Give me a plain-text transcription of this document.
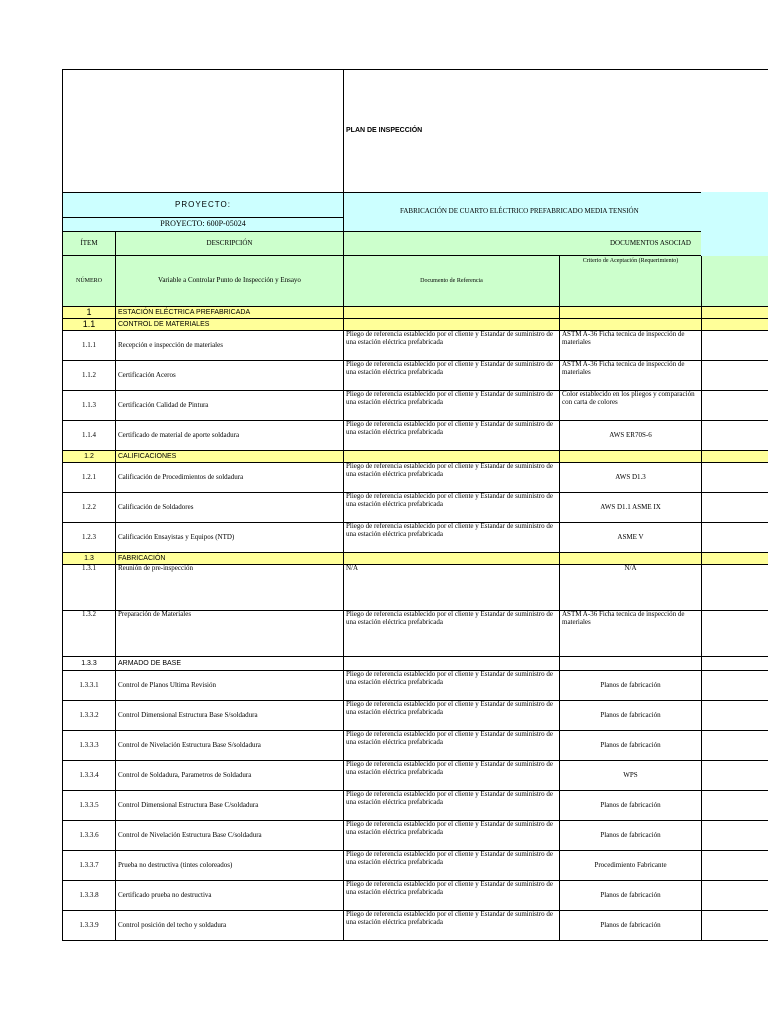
		PLAN DE INSPECCIÓN		
PROYECTO:		FABRICACIÓN DE CUARTO ELÉCTRICO PREFABRICADO MEDIA TENSIÓN		
PROYECTO: 600P-05024				
ÍTEM	DESCRIPCIÓN	DOCUMENTOS ASOCIAD		
NÚMERO	Variable a Controlar Punto de Inspección y Ensayo	Documento de Referencia	Criterio de Aceptación (Requerimiento)	
1	ESTACIÓN ELÉCTRICA PREFABRICADA			
1.1	CONTROL DE MATERIALES			
1.1.1	Recepción e inspección de materiales	Pliego de referencia establecido por el cliente y Estandar de suministro de una estación eléctrica prefabricada	ASTM A-36 Ficha tecnica de inspección de materiales	
1.1.2	Certificación Aceros	Pliego de referencia establecido por el cliente y Estandar de suministro de una estación eléctrica prefabricada	ASTM A-36 Ficha tecnica de inspección de materiales	
1.1.3	Certificación Calidad de Pintura	Pliego de referencia establecido por el cliente y Estandar de suministro de una estación eléctrica prefabricada	Color establecido en los pliegos y comparación con carta de colores	
1.1.4	Certificado de material de aporte soldadura	Pliego de referencia establecido por el cliente y Estandar de suministro de una estación eléctrica prefabricada	AWS ER70S-6	
1.2	CALIFICACIONES			
1.2.1	Calificación de Procedimientos de soldadura	Pliego de referencia establecido por el cliente y Estandar de suministro de una estación eléctrica prefabricada	AWS D1.3	
1.2.2	Calificación de Soldadores	Pliego de referencia establecido por el cliente y Estandar de suministro de una estación eléctrica prefabricada	AWS D1.1 ASME IX	
1.2.3	Calificación Ensayistas y Equipos (NTD)	Pliego de referencia establecido por el cliente y Estandar de suministro de una estación eléctrica prefabricada	ASME V	
1.3	FABRICACIÓN			
1.3.1	Reunión de pre-inspección	N/A	N/A	
1.3.2	Preparación de Materiales	Pliego de referencia establecido por el cliente y Estandar de suministro de una estación eléctrica prefabricada	ASTM A-36 Ficha tecnica de inspección de materiales	
1.3.3	ARMADO DE BASE			
1.3.3.1	Control de Planos Ultima Revisión	Pliego de referencia establecido por el cliente y Estandar de suministro de una estación eléctrica prefabricada	Planos de fabricación	
1.3.3.2	Control Dimensional Estructura Base S/soldadura	Pliego de referencia establecido por el cliente y Estandar de suministro de una estación eléctrica prefabricada	Planos de fabricación	
1.3.3.3	Control de Nivelación Estructura Base S/soldadura	Pliego de referencia establecido por el cliente y Estandar de suministro de una estación eléctrica prefabricada	Planos de fabricación	
1.3.3.4	Control de Soldadura, Parametros de Soldadura	Pliego de referencia establecido por el cliente y Estandar de suministro de una estación eléctrica prefabricada	WPS	
1.3.3.5	Control Dimensional Estructura Base C/soldadura	Pliego de referencia establecido por el cliente y Estandar de suministro de una estación eléctrica prefabricada	Planos de fabricación	
1.3.3.6	Control de Nivelación Estructura Base C/soldadura	Pliego de referencia establecido por el cliente y Estandar de suministro de una estación eléctrica prefabricada	Planos de fabricación	
1.3.3.7	Prueba no destructiva (tintes coloreados)	Pliego de referencia establecido por el cliente y Estandar de suministro de una estación eléctrica prefabricada	Procedimiento Fabricante	
1.3.3.8	Certificado prueba no destructiva	Pliego de referencia establecido por el cliente y Estandar de suministro de una estación eléctrica prefabricada	Planos de fabricación	
1.3.3.9	Control posición del techo y soldadura	Pliego de referencia establecido por el cliente y Estandar de suministro de una estación eléctrica prefabricada	Planos de fabricación	
